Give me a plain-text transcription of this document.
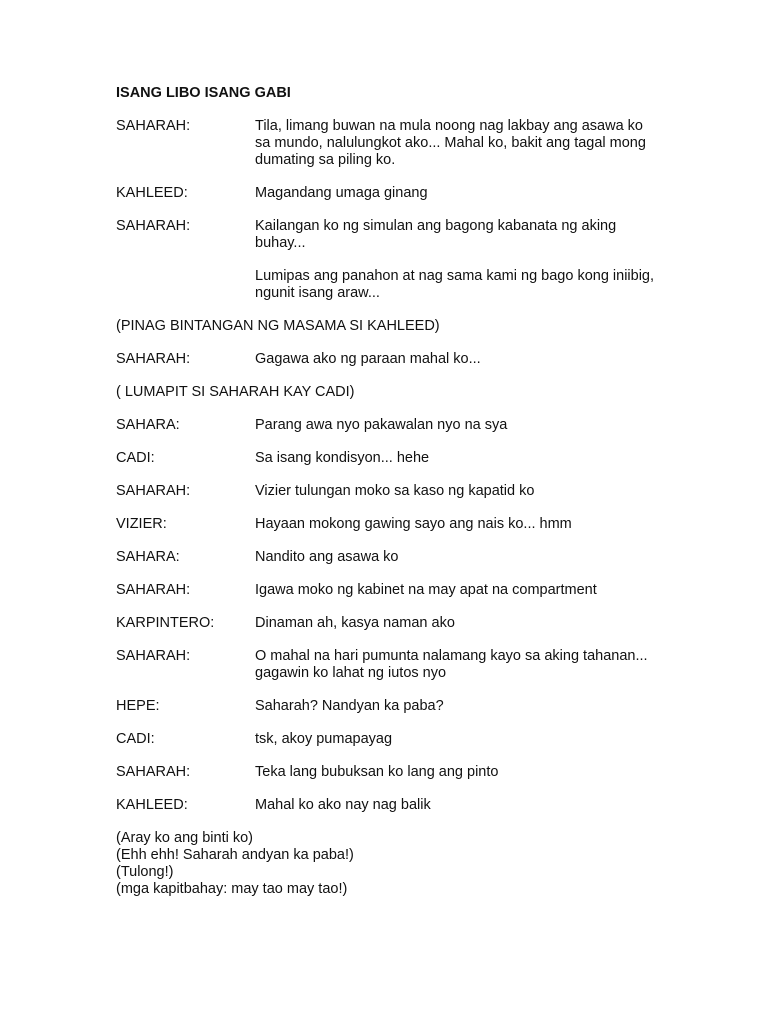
ISANG LIBO ISANG GABI
SAHARAH:	Tila, limang buwan na mula noong nag lakbay ang asawa ko sa mundo, nalulungkot ako... Mahal ko, bakit ang tagal mong dumating sa piling ko.
KAHLEED:	Magandang umaga ginang
SAHARAH:	Kailangan ko ng simulan ang bagong kabanata ng aking buhay...
Lumipas ang panahon at nag sama kami ng bago kong iniibig, ngunit isang araw...
(PINAG BINTANGAN NG MASAMA SI KAHLEED)
SAHARAH:	Gagawa ako ng paraan mahal ko...
( LUMAPIT SI SAHARAH KAY CADI)
SAHARA:	Parang awa nyo pakawalan nyo na sya
CADI:	Sa isang kondisyon... hehe
SAHARAH:	Vizier tulungan moko sa kaso ng kapatid ko
VIZIER:	Hayaan mokong gawing sayo ang nais ko... hmm
SAHARA:	Nandito ang asawa ko
SAHARAH:	Igawa moko ng kabinet na may apat na compartment
KARPINTERO:	Dinaman ah, kasya naman ako
SAHARAH:	O mahal na hari pumunta nalamang kayo sa aking tahanan... gagawin ko lahat ng iutos nyo
HEPE:	Saharah? Nandyan ka paba?
CADI:	tsk, akoy pumapayag
SAHARAH:	Teka lang bubuksan ko lang ang pinto
KAHLEED:	Mahal ko ako nay nag balik
(Aray ko ang binti ko)
(Ehh ehh! Saharah andyan ka paba!)
(Tulong!)
(mga kapitbahay: may tao may tao!)
